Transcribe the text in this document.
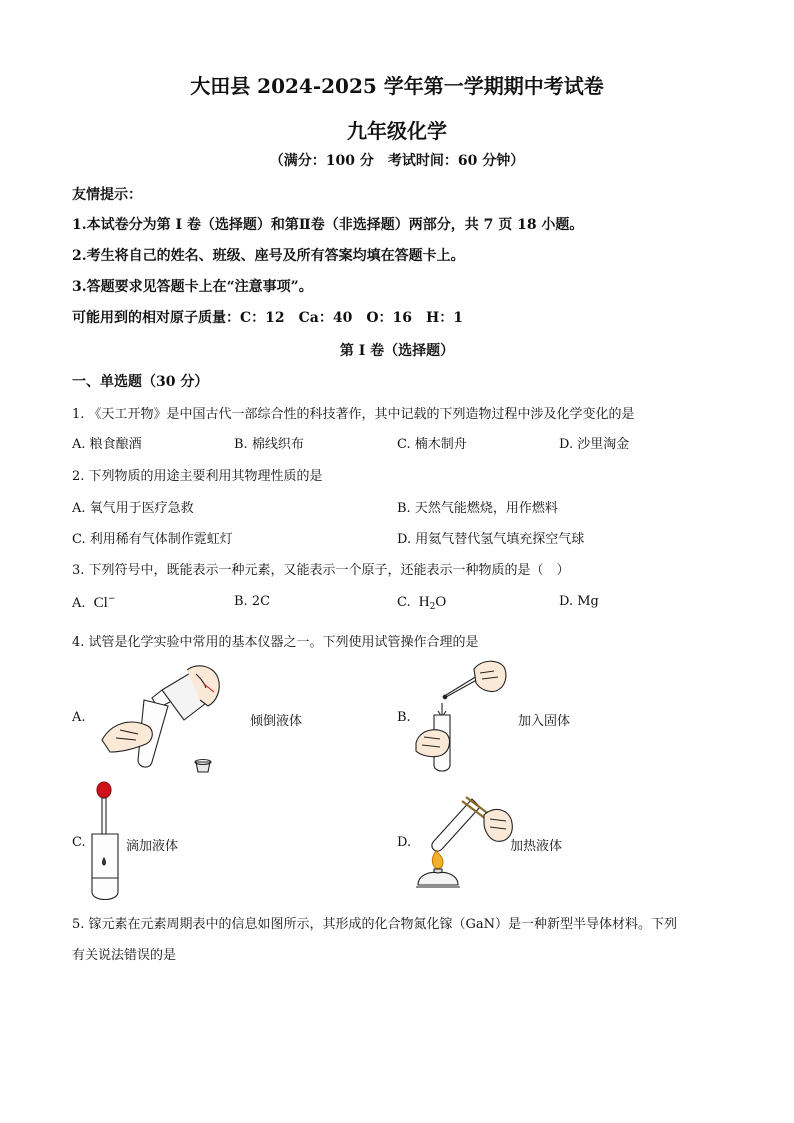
大田县 2024-2025 学年第一学期期中考试卷
九年级化学
（满分：100 分　考试时间：60 分钟）
友情提示：
1.本试卷分为第 I 卷（选择题）和第Ⅱ卷（非选择题）两部分，共 7 页 18 小题。
2.考生将自己的姓名、班级、座号及所有答案均填在答题卡上。
3.答题要求见答题卡上在“注意事项”。
可能用到的相对原子质量：C：12　Ca：40　O：16　H：1
第 I 卷（选择题）
一、单选题（30 分）
1. 《天工开物》是中国古代一部综合性的科技著作，其中记载的下列造物过程中涉及化学变化的是
A. 粮食酿酒	B. 棉线织布	C. 楠木制舟	D. 沙里淘金
2. 下列物质的用途主要利用其物理性质的是
A. 氧气用于医疗急救	B. 天然气能燃烧，用作燃料
C. 利用稀有气体制作霓虹灯	D. 用氦气替代氢气填充探空气球
3. 下列符号中，既能表示一种元素，又能表示一个原子，还能表示一种物质的是（　）
A. Cl−	B. 2C	C. $H_2O$	D. Mg
4. 试管是化学实验中常用的基本仪器之一。下列使用试管操作合理的是
A.	倾倒液体	B.	加入固体
C.	滴加液体	D.	加热液体
5. 镓元素在元素周期表中的信息如图所示，其形成的化合物氮化镓（GaN）是一种新型半导体材料。下列
有关说法错误的是
